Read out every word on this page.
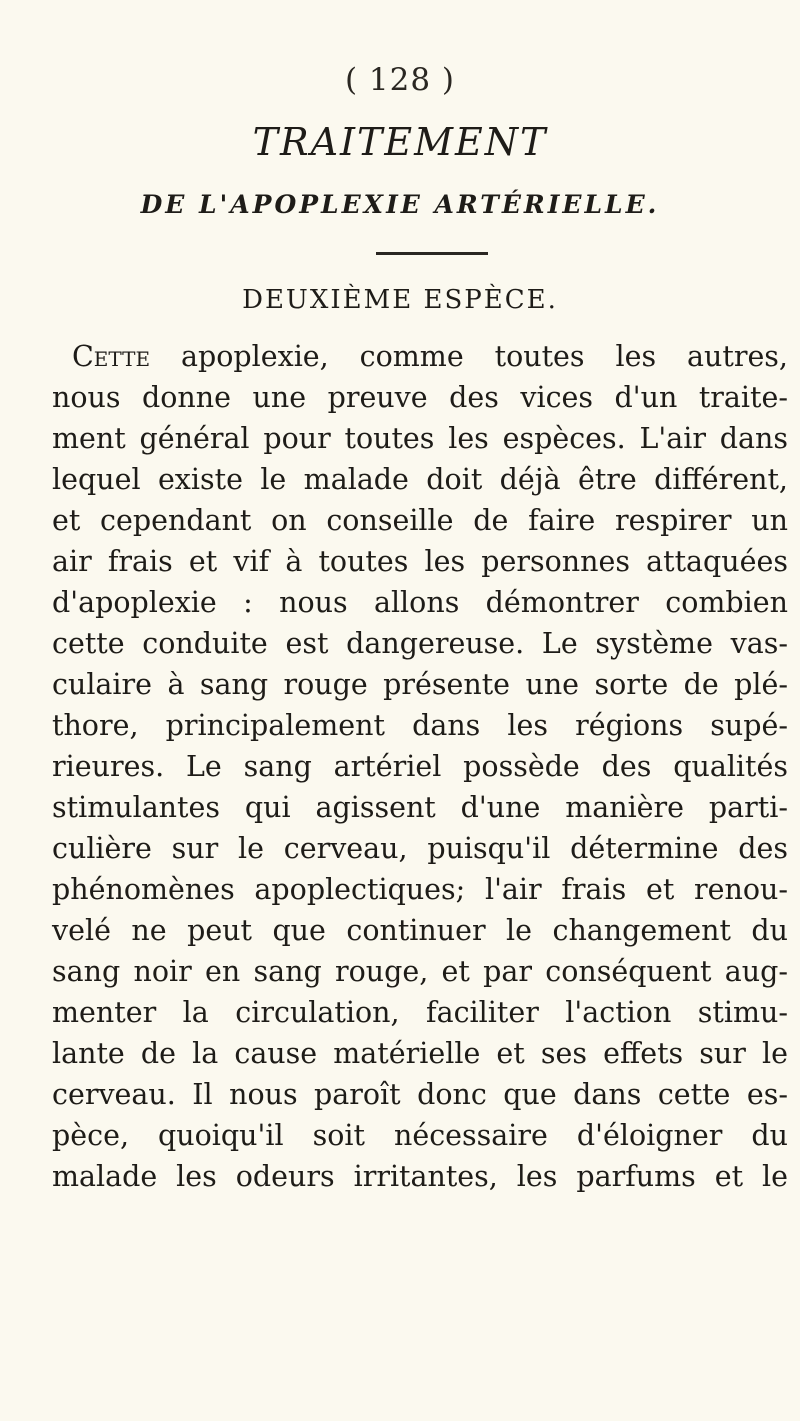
( 128 )
TRAITEMENT
DE L'APOPLEXIE ARTÉRIELLE.
DEUXIÈME ESPÈCE.
Cette apoplexie, comme toutes les autres,
nous donne une preuve des vices d'un traite-
ment général pour toutes les espèces. L'air dans
lequel existe le malade doit déjà être différent,
et cependant on conseille de faire respirer un
air frais et vif à toutes les personnes attaquées
d'apoplexie : nous allons démontrer combien
cette conduite est dangereuse. Le système vas-
culaire à sang rouge présente une sorte de plé-
thore, principalement dans les régions supé-
rieures. Le sang artériel possède des qualités
stimulantes qui agissent d'une manière parti-
culière sur le cerveau, puisqu'il détermine des
phénomènes apoplectiques; l'air frais et renou-
velé ne peut que continuer le changement du
sang noir en sang rouge, et par conséquent aug-
menter la circulation, faciliter l'action stimu-
lante de la cause matérielle et ses effets sur le
cerveau. Il nous paroît donc que dans cette es-
pèce, quoiqu'il soit nécessaire d'éloigner du
malade les odeurs irritantes, les parfums et le
